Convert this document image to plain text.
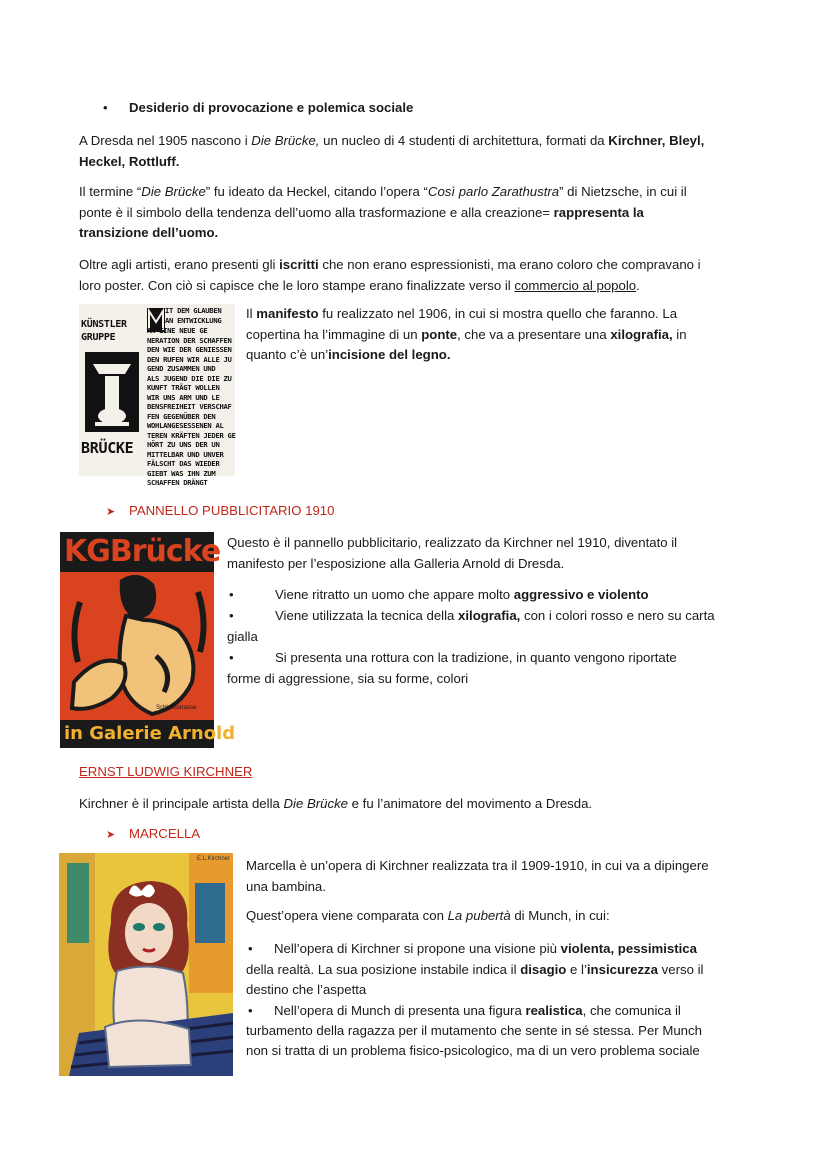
• Desiderio di provocazione e polemica sociale

A Dresda nel 1905 nascono i Die Brücke, un nucleo di 4 studenti di architettura, formati da Kirchner, Bleyl,
Heckel, Rottluff.

Il termine “Die Brücke” fu ideato da Heckel, citando l’opera “Così parlo Zarathustra” di Nietzsche, in cui il
ponte è il simbolo della tendenza dell’uomo alla trasformazione e alla creazione= rappresenta la
transizione dell’uomo.

Oltre agli artisti, erano presenti gli iscritti che non erano espressionisti, ma erano coloro che compravano i
loro poster. Con ciò si capisce che le loro stampe erano finalizzate verso il commercio al popolo.

KÜNSTLER
GRUPPE
BRÜCKE
IT DEM GLAUBEN
AN ENTWICKLUNG
AN EINE NEUE GE
NERATION DER SCHAFFEN
DEN WIE DER GENIESSEN
DEN RUFEN WIR ALLE JU
GEND ZUSAMMEN UND
ALS JUGEND DIE DIE ZU
KUNFT TRÄGT WOLLEN
WIR UNS ARM UND LE
BENSFREIHEIT VERSCHAF
FEN GEGENÜBER DEN
WOHLANGESESSENEN AL
TEREN KRÄFTEN JEDER GE
HÖRT ZU UNS DER UN
MITTELBAR UND UNVER
FÄLSCHT DAS WIEDER
GIEBT WAS IHN ZUM
SCHAFFEN DRÄNGT

Il manifesto fu realizzato nel 1906, in cui si mostra quello che faranno. La
copertina ha l’immagine di un ponte, che va a presentare una xilografia, in
quanto c’è un’incisione del legno.

➤ PANNELLO PUBBLICITARIO 1910
KGBrücke
Schlossstrasse
in Galerie Arnold

Questo è il pannello pubblicitario, realizzato da Kirchner nel 1910, diventato il
manifesto per l’esposizione alla Galleria Arnold di Dresda.

•	Viene ritratto un uomo che appare molto aggressivo e violento
•	Viene utilizzata la tecnica della xilografia, con i colori rosso e nero su carta
gialla
•	Si presenta una rottura con la tradizione, in quanto vengono riportate
forme di aggressione, sia su forme, colori
ERNST LUDWIG KIRCHNER

Kirchner è il principale artista della Die Brücke e fu l’animatore del movimento a Dresda.

➤ MARCELLA
E.L.Kirchner Marcella è un’opera di Kirchner realizzata tra il 1909-1910, in cui va a dipingere
una bambina.

Quest’opera viene comparata con La pubertà di Munch, in cui:

• Nell’opera di Kirchner si propone una visione più violenta, pessimistica
della realtà. La sua posizione instabile indica il disagio e l’insicurezza verso il
destino che l’aspetta
• Nell’opera di Munch di presenta una figura realistica, che comunica il
turbamento della ragazza per il mutamento che sente in sé stessa. Per Munch
non si tratta di un problema fisico-psicologico, ma di un vero problema sociale
